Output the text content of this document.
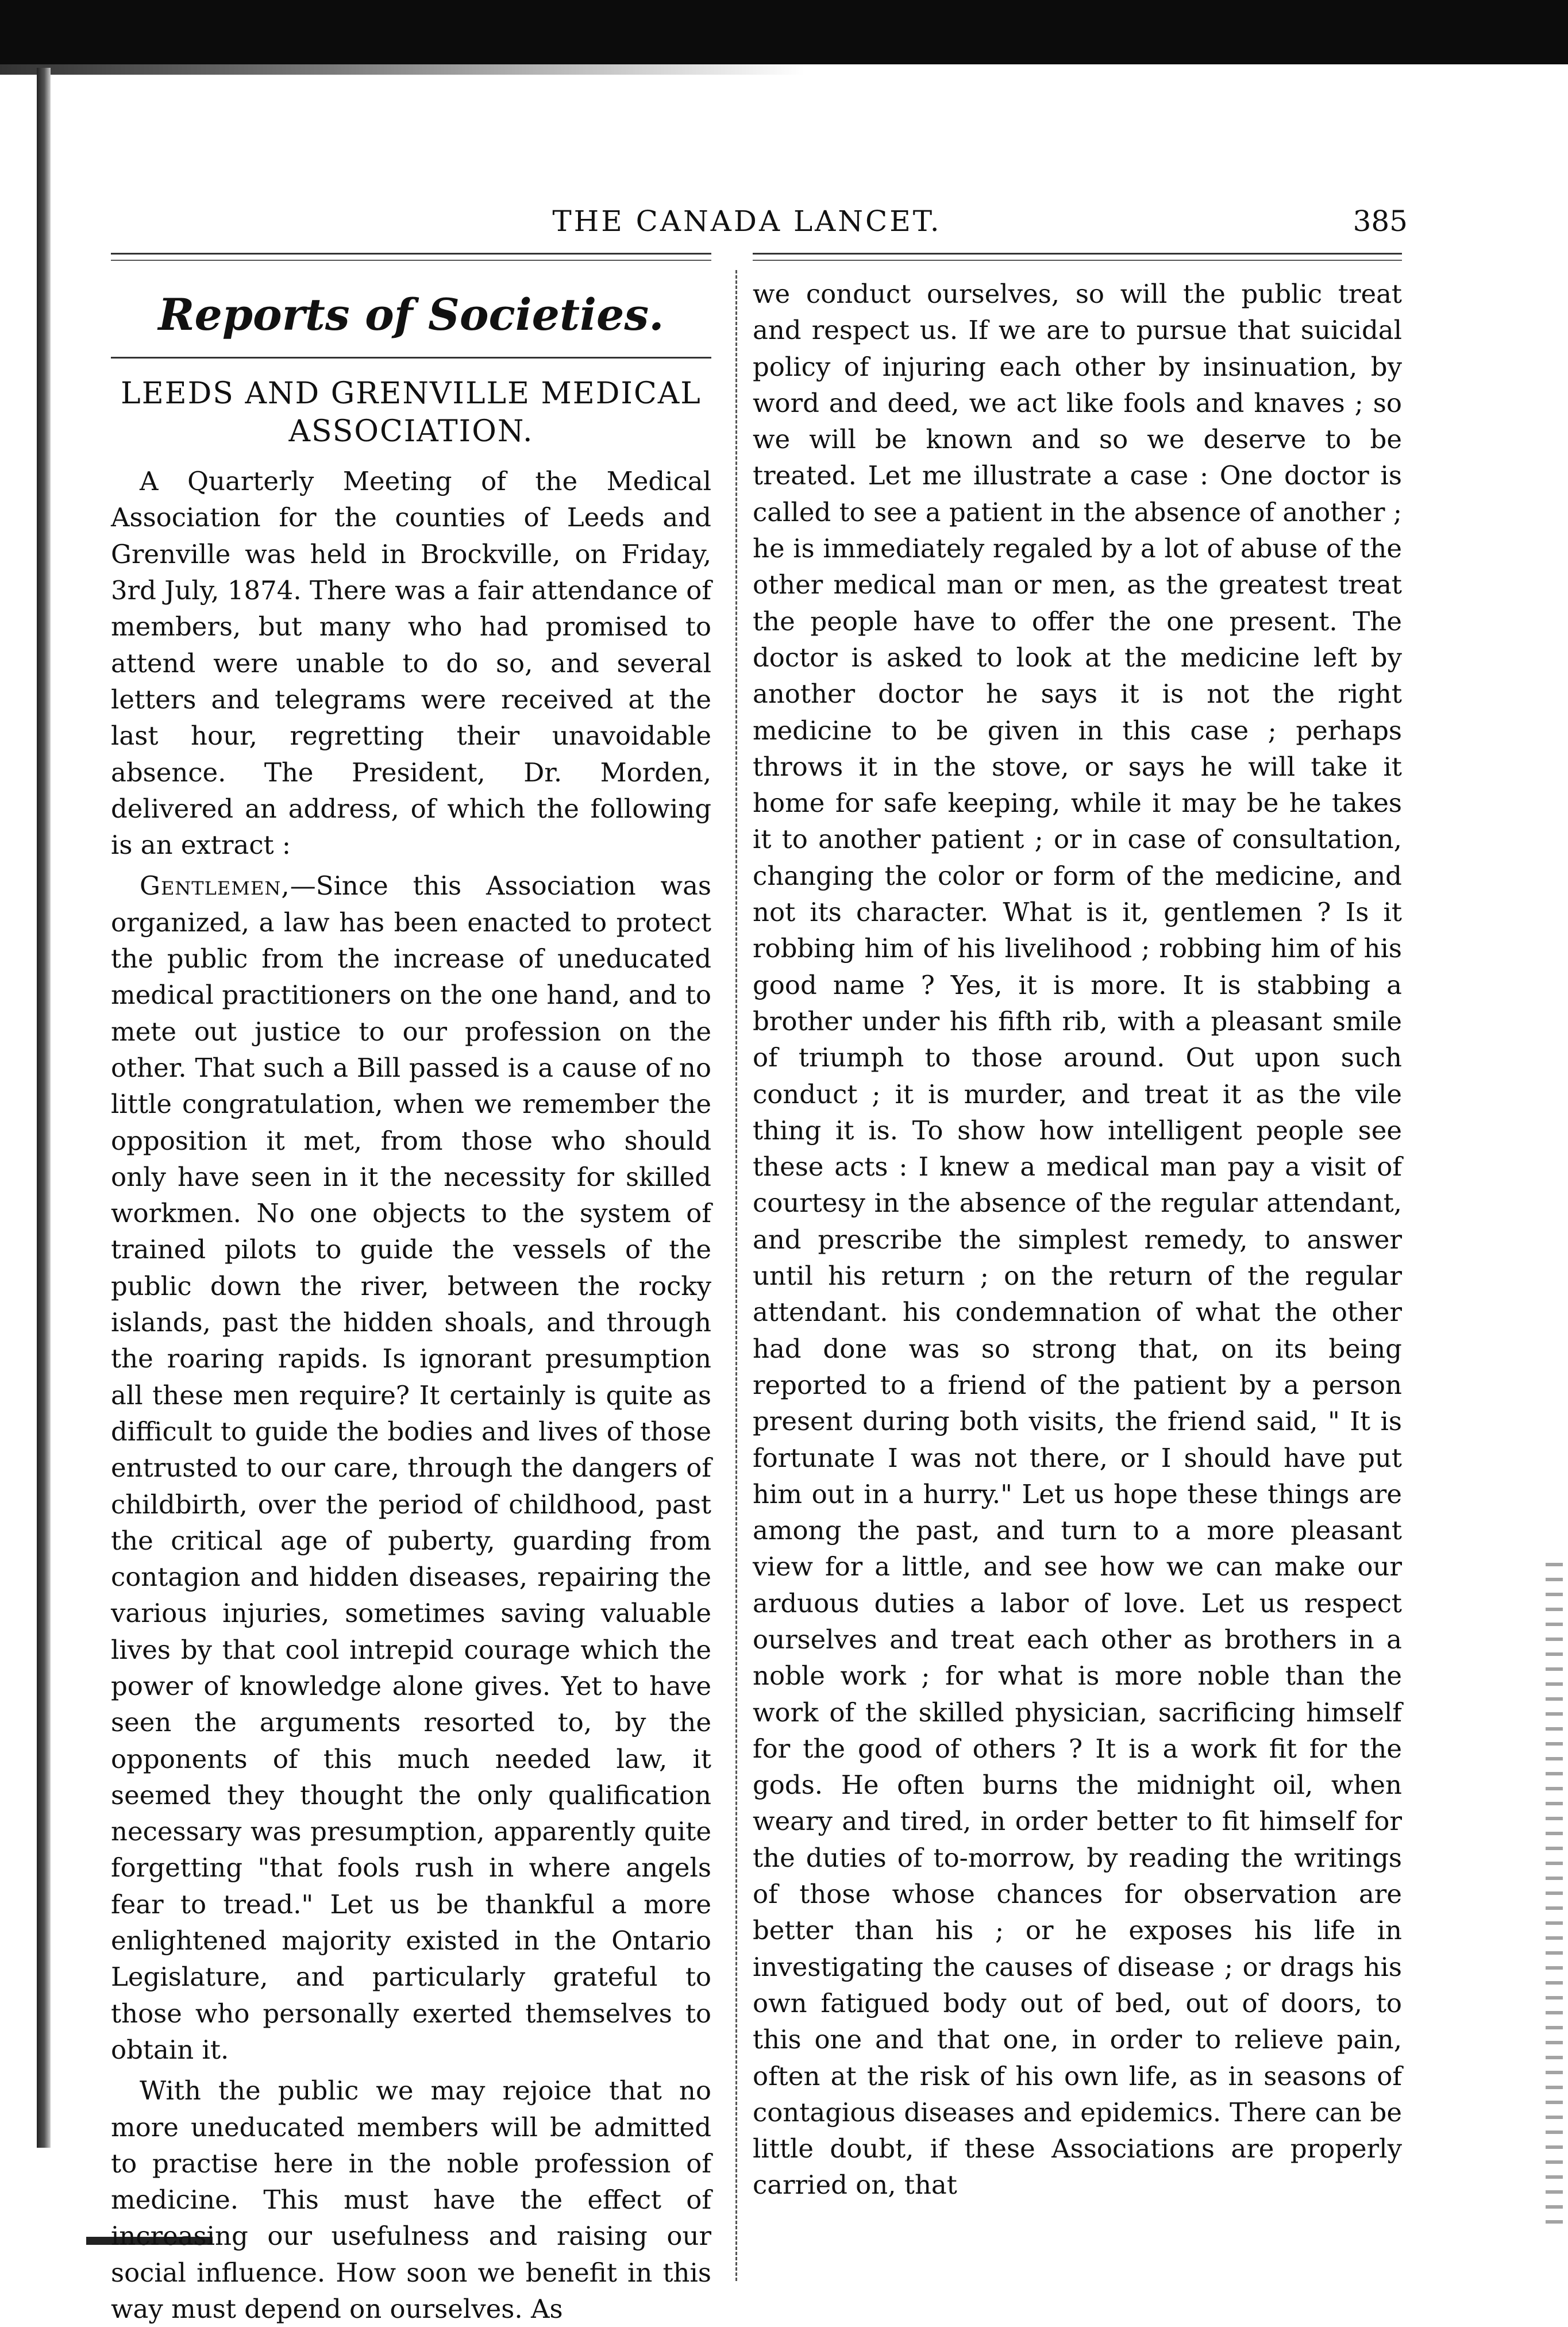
THE CANADA LANCET.	385
Reports of Societies.
LEEDS AND GRENVILLE MEDICAL ASSOCIATION.

A Quarterly Meeting of the Medical Association for the counties of Leeds and Grenville was held in Brockville, on Friday, 3rd July, 1874. There was a fair attendance of members, but many who had promised to attend were unable to do so, and several letters and telegrams were received at the last hour, regretting their unavoidable absence. The President, Dr. Morden, delivered an address, of which the following is an extract :

Gentlemen,—Since this Association was organized, a law has been enacted to protect the public from the increase of uneducated medical practitioners on the one hand, and to mete out justice to our profession on the other. That such a Bill passed is a cause of no little congratulation, when we remember the opposition it met, from those who should only have seen in it the necessity for skilled workmen. No one objects to the system of trained pilots to guide the vessels of the public down the river, between the rocky islands, past the hidden shoals, and through the roaring rapids. Is ignorant presumption all these men require? It certainly is quite as difficult to guide the bodies and lives of those entrusted to our care, through the dangers of childbirth, over the period of childhood, past the critical age of puberty, guarding from contagion and hidden diseases, repairing the various injuries, sometimes saving valuable lives by that cool intrepid courage which the power of knowledge alone gives. Yet to have seen the arguments resorted to, by the opponents of this much needed law, it seemed they thought the only qualification necessary was presumption, apparently quite forgetting "that fools rush in where angels fear to tread." Let us be thankful a more enlightened majority existed in the Ontario Legislature, and particularly grateful to those who personally exerted themselves to obtain it.

With the public we may rejoice that no more uneducated members will be admitted to practise here in the noble profession of medicine. This must have the effect of increasing our usefulness and raising our social influence. How soon we benefit in this way must depend on ourselves. As

we conduct ourselves, so will the public treat and respect us. If we are to pursue that suicidal policy of injuring each other by insinuation, by word and deed, we act like fools and knaves ; so we will be known and so we deserve to be treated. Let me illustrate a case : One doctor is called to see a patient in the absence of another ; he is immediately regaled by a lot of abuse of the other medical man or men, as the greatest treat the people have to offer the one present. The doctor is asked to look at the medicine left by another doctor he says it is not the right medicine to be given in this case ; perhaps throws it in the stove, or says he will take it home for safe keeping, while it may be he takes it to another patient ; or in case of consultation, changing the color or form of the medicine, and not its character. What is it, gentlemen ? Is it robbing him of his livelihood ; robbing him of his good name ? Yes, it is more. It is stabbing a brother under his fifth rib, with a pleasant smile of triumph to those around. Out upon such conduct ; it is murder, and treat it as the vile thing it is. To show how intelligent people see these acts : I knew a medical man pay a visit of courtesy in the absence of the regular attendant, and prescribe the simplest remedy, to answer until his return ; on the return of the regular attendant. his condemnation of what the other had done was so strong that, on its being reported to a friend of the patient by a person present during both visits, the friend said, " It is fortunate I was not there, or I should have put him out in a hurry." Let us hope these things are among the past, and turn to a more pleasant view for a little, and see how we can make our arduous duties a labor of love. Let us respect ourselves and treat each other as brothers in a noble work ; for what is more noble than the work of the skilled physician, sacrificing himself for the good of others ? It is a work fit for the gods. He often burns the midnight oil, when weary and tired, in order better to fit himself for the duties of to-morrow, by reading the writings of those whose chances for observation are better than his ; or he exposes his life in investigating the causes of disease ; or drags his own fatigued body out of bed, out of doors, to this one and that one, in order to relieve pain, often at the risk of his own life, as in seasons of contagious diseases and epidemics. There can be little doubt, if these Associations are properly carried on, that
